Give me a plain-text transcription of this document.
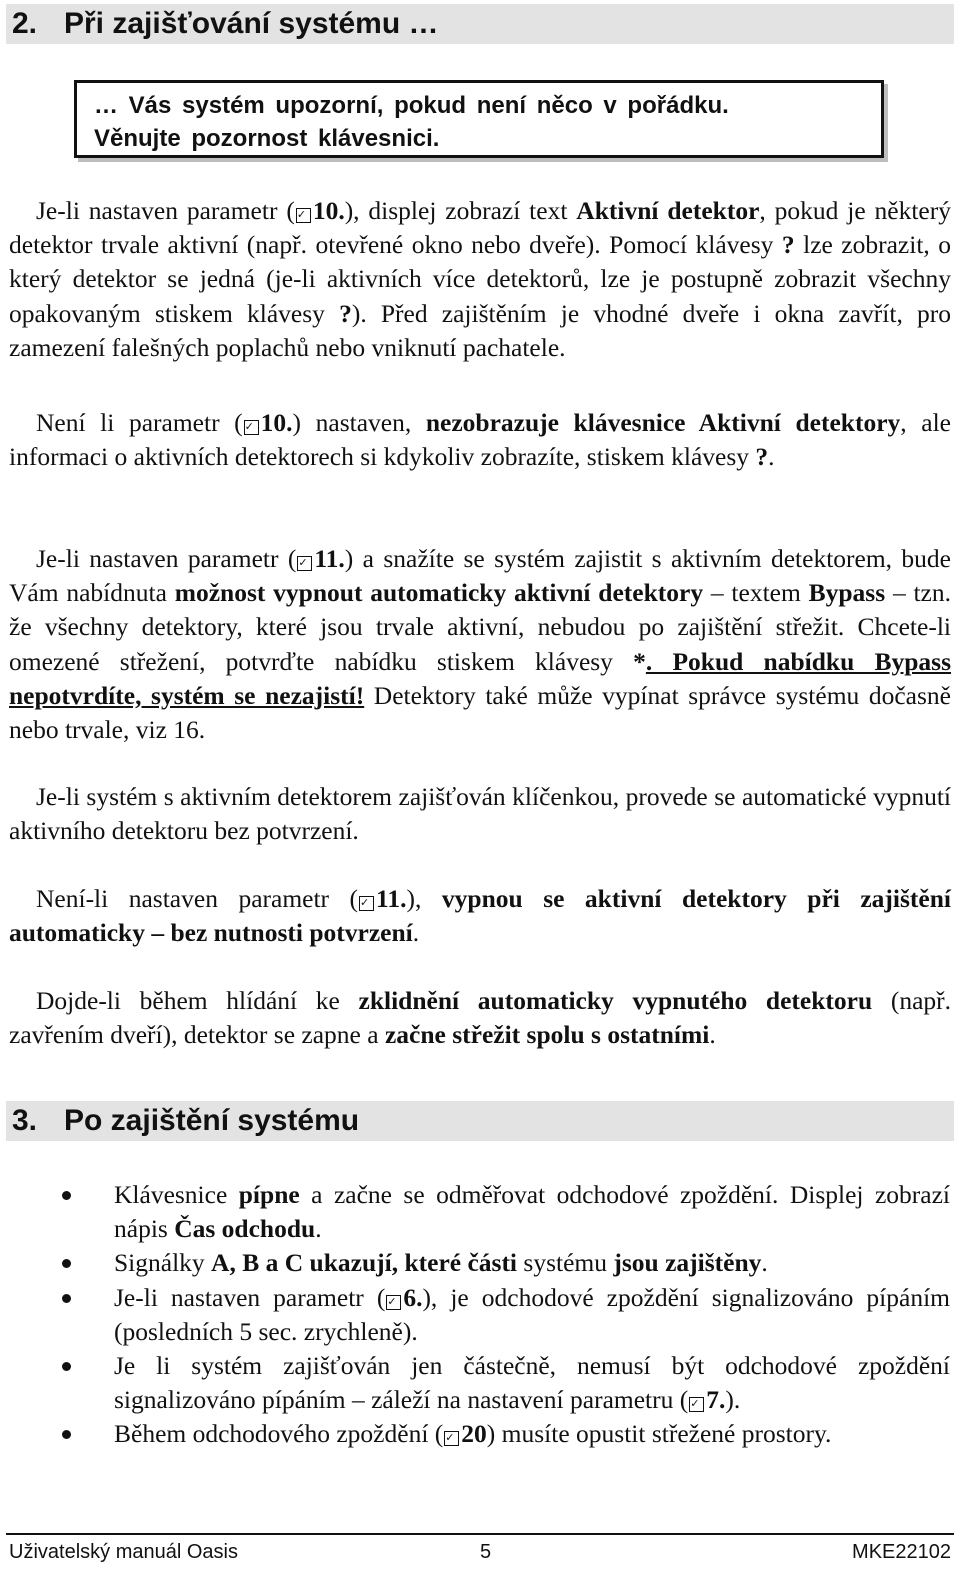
2. Při zajišťování systému …
… Vás systém upozorní, pokud není něco v pořádku.
Věnujte pozornost klávesnici.
Je-li nastaven parametr ( ✓ 10.), displej zobrazí text Aktivní detektor, pokud je některý detektor trvale aktivní (např. otevřené okno nebo dveře). Pomocí klávesy ? lze zobrazit, o který detektor se jedná (je-li aktivních více detektorů, lze je postupně zobrazit všechny opakovaným stiskem klávesy ?). Před zajištěním je vhodné dveře i okna zavřít, pro zamezení falešných poplachů nebo vniknutí pachatele.
Není li parametr ( ✓ 10.) nastaven, nezobrazuje klávesnice Aktivní detektory, ale informaci o aktivních detektorech si kdykoliv zobrazíte, stiskem klávesy ?.
Je-li nastaven parametr ( ✓ 11.) a snažíte se systém zajistit s aktivním detektorem, bude Vám nabídnuta možnost vypnout automaticky aktivní detektory – textem Bypass – tzn. že všechny detektory, které jsou trvale aktivní, nebudou po zajištění střežit. Chcete-li omezené střežení, potvrďte nabídku stiskem klávesy *. Pokud nabídku Bypass nepotvrdíte, systém se nezajistí! Detektory také může vypínat správce systému dočasně nebo trvale, viz 16.
Je-li systém s aktivním detektorem zajišťován klíčenkou, provede se automatické vypnutí aktivního detektoru bez potvrzení.
Není-li nastaven parametr ( ✓ 11.), vypnou se aktivní detektory při zajištění automaticky – bez nutnosti potvrzení.
Dojde-li během hlídání ke zklidnění automaticky vypnutého detektoru (např. zavřením dveří), detektor se zapne a začne střežit spolu s ostatními.
3. Po zajištění systému
Klávesnice pípne a začne se odměřovat odchodové zpoždění. Displej zobrazí nápis Čas odchodu.
Signálky A, B a C ukazují, které části systému jsou zajištěny.
Je-li nastaven parametr ( ✓ 6.), je odchodové zpoždění signalizováno pípáním (posledních 5 sec. zrychleně).
Je li systém zajišťován jen částečně, nemusí být odchodové zpoždění signalizováno pípáním – záleží na nastavení parametru ( ✓ 7.).
Během odchodového zpoždění ( ✓ 20) musíte opustit střežené prostory.
Uživatelský manuál Oasis	5	MKE22102
